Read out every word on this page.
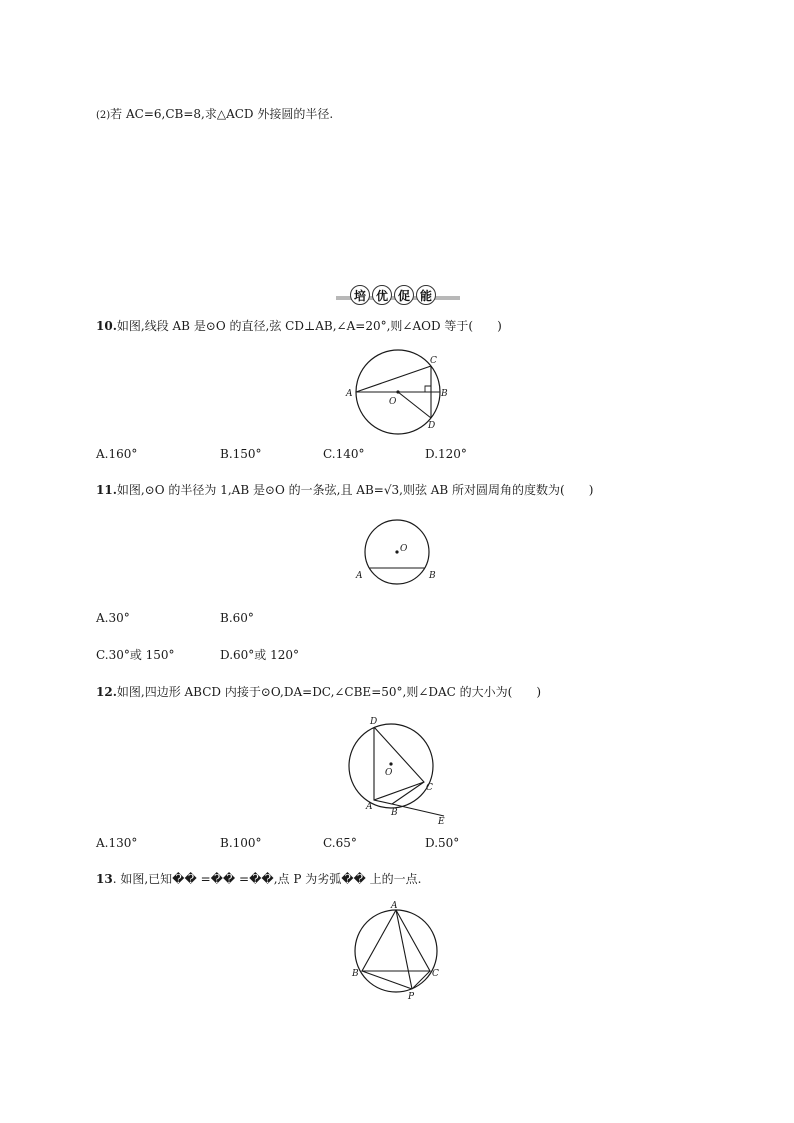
(2)若 AC=6,CB=8,求△ACD 外接圆的半径.
培 优 促 能
10.如图,线段 AB 是⊙O 的直径,弦 CD⊥AB,∠A=20°,则∠AOD 等于(　　)
A
O
B
C
D
A.160°	B.150°	C.140°	D.120°
11.如图,⊙O 的半径为 1,AB 是⊙O 的一条弦,且 AB=√3,则弦 AB 所对圆周角的度数为(　　)
O
A	B
A.30°	B.60°
C.30°或 150°	D.60°或 120°
12.如图,四边形 ABCD 内接于⊙O,DA=DC,∠CBE=50°,则∠DAC 的大小为(　　)
D
O
C
A
B
E
A.130°	B.100°	C.65°	D.50°
13. 如图,已知�� =�� =��,点 P 为劣弧�� 上的一点.
A
B	C
P
